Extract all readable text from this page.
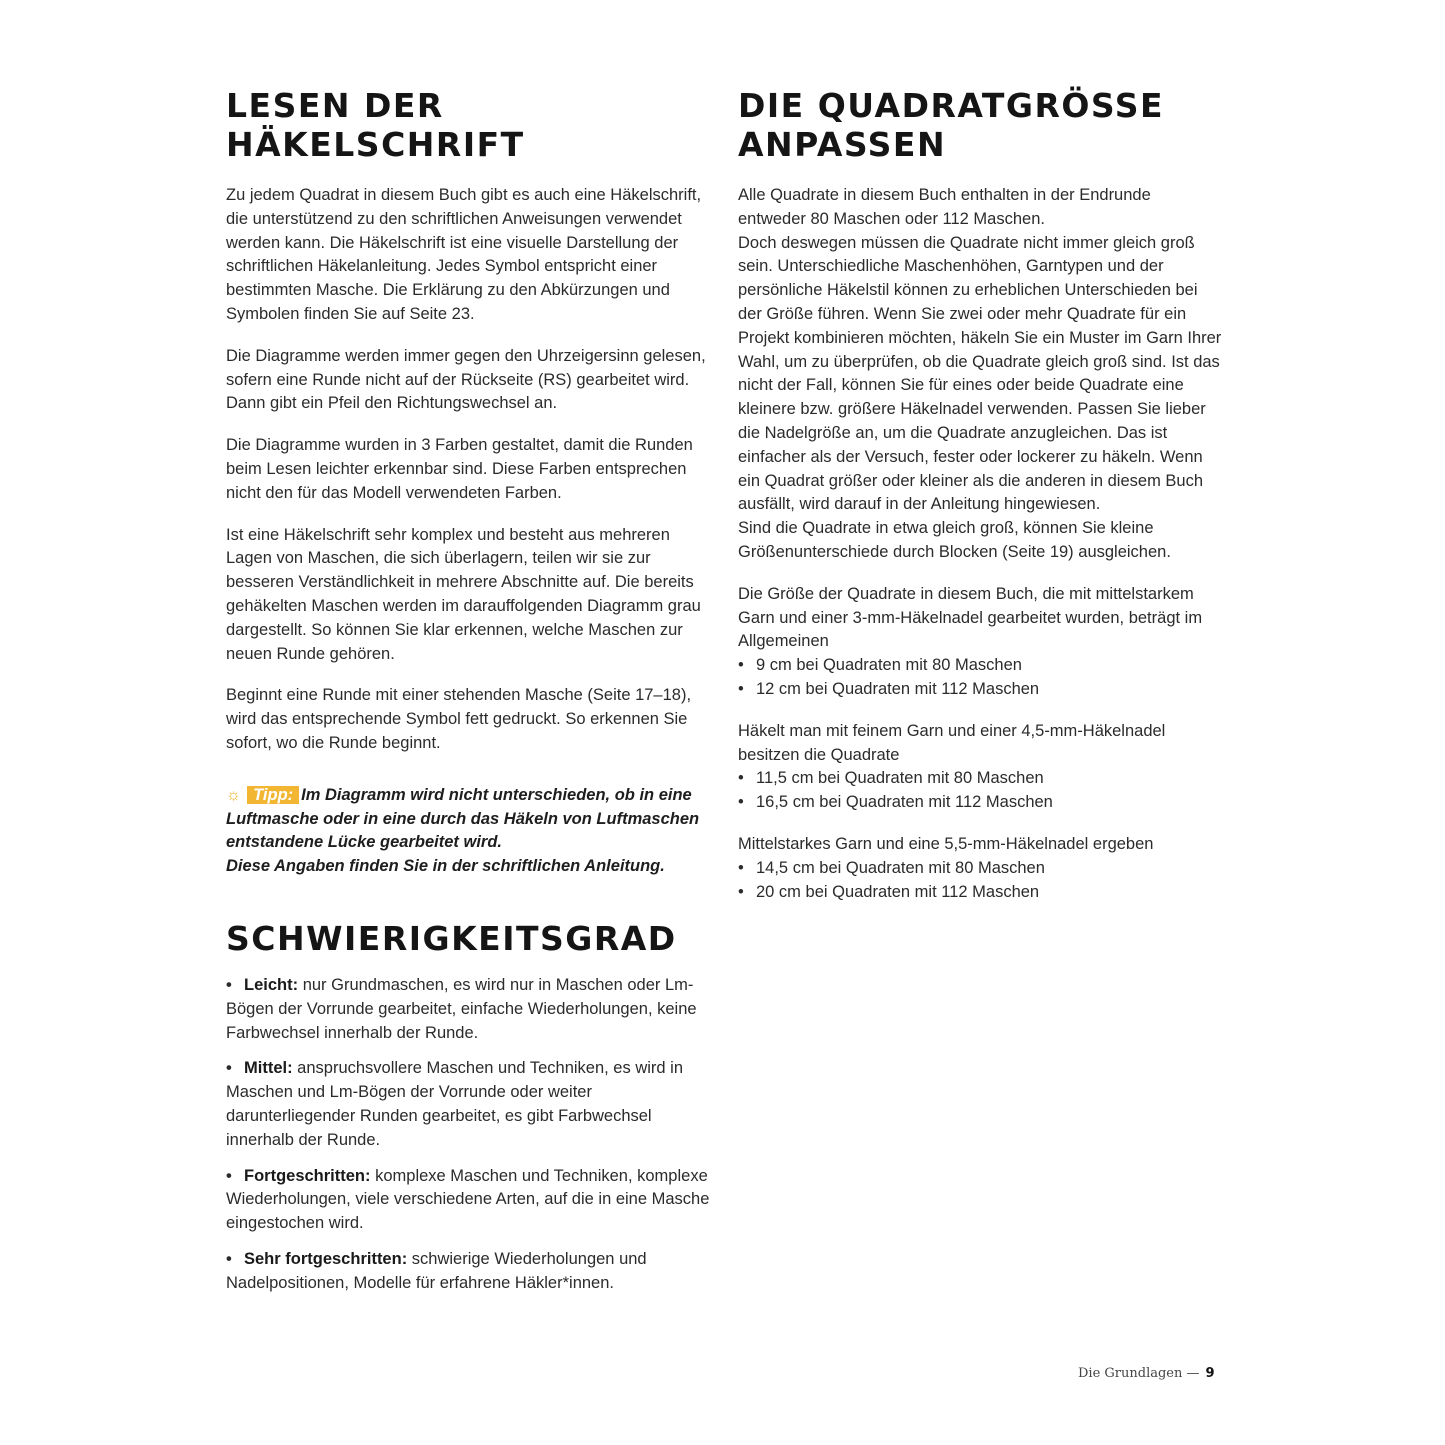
LESEN DER HÄKELSCHRIFT

Zu jedem Quadrat in diesem Buch gibt es auch eine Häkelschrift, die unterstützend zu den schriftlichen Anweisungen verwendet werden kann. Die Häkelschrift ist eine visuelle Darstellung der schriftlichen Häkelanleitung. Jedes Symbol entspricht einer bestimmten Masche. Die Erklärung zu den Abkürzungen und Symbolen finden Sie auf Seite 23.

Die Diagramme werden immer gegen den Uhrzeigersinn gelesen, sofern eine Runde nicht auf der Rückseite (RS) gearbeitet wird. Dann gibt ein Pfeil den Richtungswechsel an.

Die Diagramme wurden in 3 Farben gestaltet, damit die Runden beim Lesen leichter erkennbar sind. Diese Farben entsprechen nicht den für das Modell verwendeten Farben.

Ist eine Häkelschrift sehr komplex und besteht aus mehreren Lagen von Maschen, die sich überlagern, teilen wir sie zur besseren Verständlichkeit in mehrere Abschnitte auf. Die bereits gehäkelten Maschen werden im darauffolgenden Diagramm grau dargestellt. So können Sie klar erkennen, welche Maschen zur neuen Runde gehören.

Beginnt eine Runde mit einer stehenden Masche (Seite 17–18), wird das entsprechende Symbol fett gedruckt. So erkennen Sie sofort, wo die Runde beginnt.

☼ Tipp: Im Diagramm wird nicht unterschieden, ob in eine Luftmasche oder in eine durch das Häkeln von Luftmaschen entstandene Lücke gearbeitet wird.
Diese Angaben finden Sie in der schriftlichen Anleitung.
SCHWIERIGKEITSGRAD
• Leicht: nur Grundmaschen, es wird nur in Maschen oder Lm-Bögen der Vorrunde gearbeitet, einfache Wiederholungen, keine Farbwechsel innerhalb der Runde.
• Mittel: anspruchsvollere Maschen und Techniken, es wird in Maschen und Lm-Bögen der Vorrunde oder weiter darunterliegender Runden gearbeitet, es gibt Farbwechsel innerhalb der Runde.
• Fortgeschritten: komplexe Maschen und Techniken, komplexe Wiederholungen, viele verschiedene Arten, auf die in eine Masche eingestochen wird.
• Sehr fortgeschritten: schwierige Wiederholungen und Nadelpositionen, Modelle für erfahrene Häkler*innen.
DIE QUADRATGRÖSSE
ANPASSEN

Alle Quadrate in diesem Buch enthalten in der Endrunde entweder 80 Maschen oder 112 Maschen.

Doch deswegen müssen die Quadrate nicht immer gleich groß sein. Unterschiedliche Maschenhöhen, Garntypen und der persönliche Häkelstil können zu erheblichen Unterschieden bei der Größe führen. Wenn Sie zwei oder mehr Quadrate für ein Projekt kombinieren möchten, häkeln Sie ein Muster im Garn Ihrer Wahl, um zu überprüfen, ob die Quadrate gleich groß sind. Ist das nicht der Fall, können Sie für eines oder beide Quadrate eine kleinere bzw. größere Häkelnadel verwenden. Passen Sie lieber die Nadelgröße an, um die Quadrate anzugleichen. Das ist einfacher als der Versuch, fester oder lockerer zu häkeln. Wenn ein Quadrat größer oder kleiner als die anderen in diesem Buch ausfällt, wird darauf in der Anleitung hingewiesen.

Sind die Quadrate in etwa gleich groß, können Sie kleine Größenunterschiede durch Blocken (Seite 19) ausgleichen.

Die Größe der Quadrate in diesem Buch, die mit mittelstarkem Garn und einer 3-mm-Häkelnadel gearbeitet wurden, beträgt im Allgemeinen

• 9 cm bei Quadraten mit 80 Maschen
• 12 cm bei Quadraten mit 112 Maschen

Häkelt man mit feinem Garn und einer 4,5-mm-Häkelnadel besitzen die Quadrate

• 11,5 cm bei Quadraten mit 80 Maschen
• 16,5 cm bei Quadraten mit 112 Maschen

Mittelstarkes Garn und eine 5,5-mm-Häkelnadel ergeben

• 14,5 cm bei Quadraten mit 80 Maschen
• 20 cm bei Quadraten mit 112 Maschen
Die Grundlagen — 9
